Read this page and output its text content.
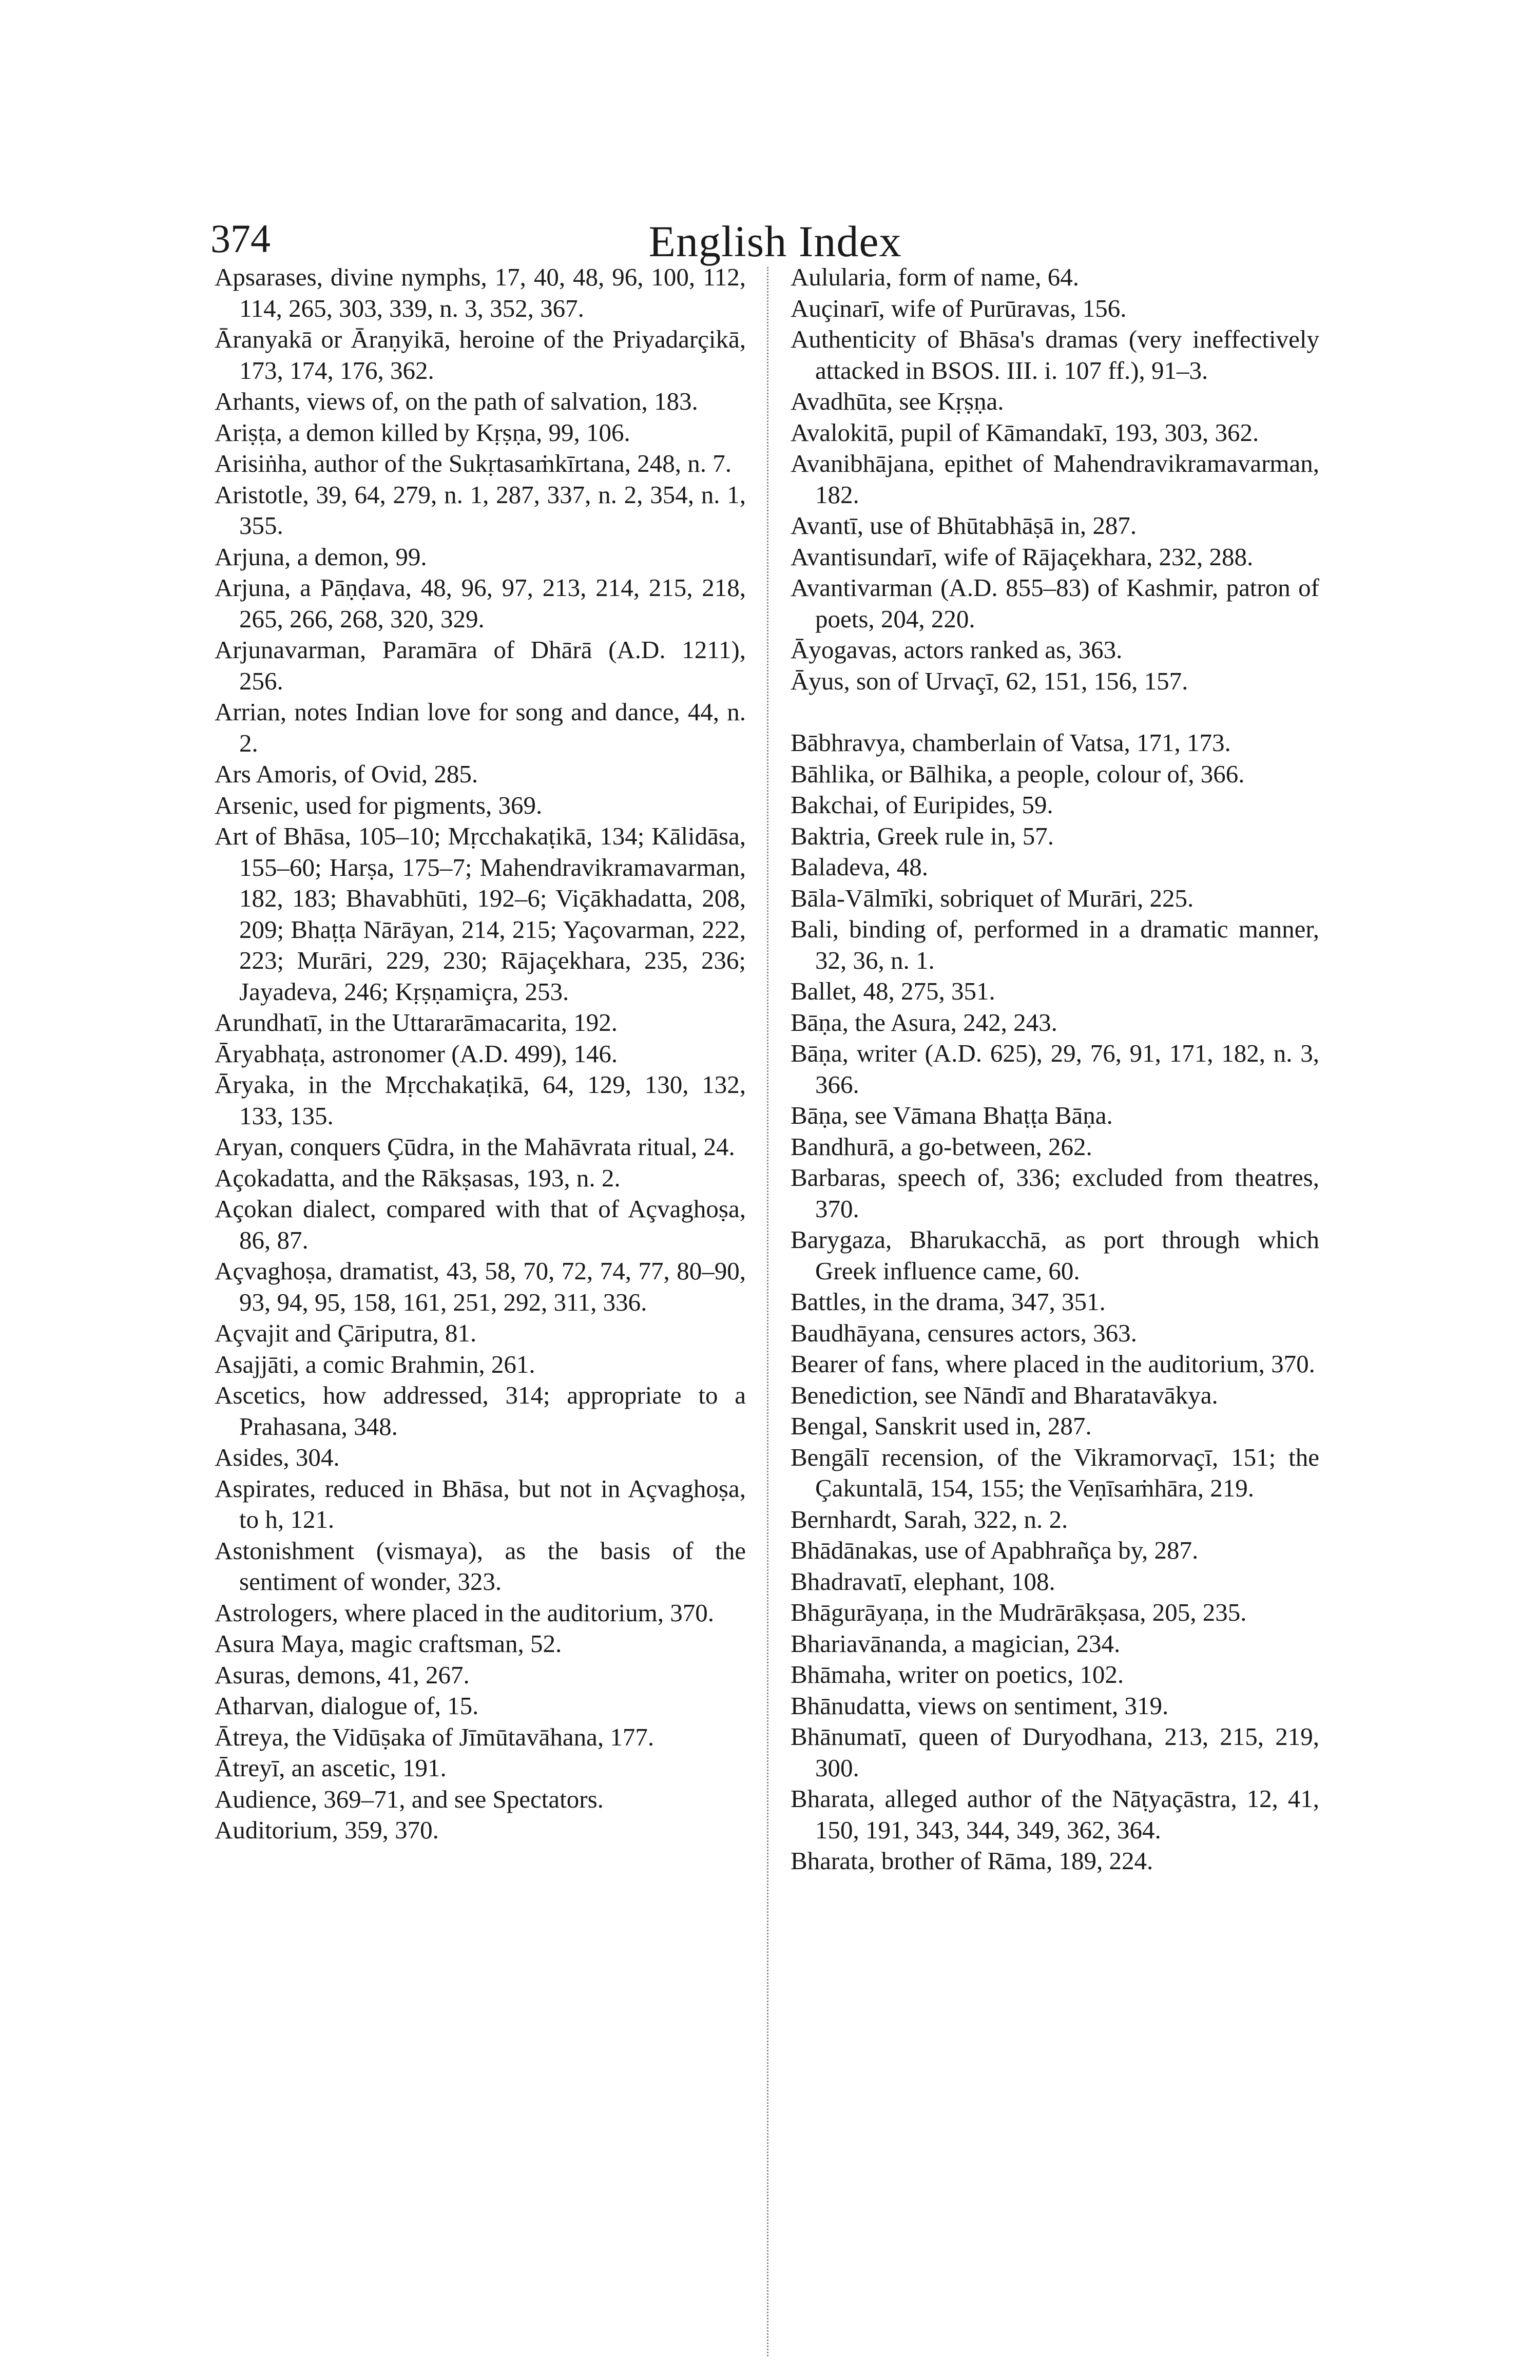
374	English Index
Apsarases, divine nymphs, 17, 40, 48, 96, 100, 112, 114, 265, 303, 339, n. 3, 352, 367.
Āranyakā or Āraṇyikā, heroine of the Priyadarçikā, 173, 174, 176, 362.
Arhants, views of, on the path of salvation, 183.
Ariṣṭa, a demon killed by Kṛṣṇa, 99, 106.
Arisiṅha, author of the Sukṛtasaṁkīrtana, 248, n. 7.
Aristotle, 39, 64, 279, n. 1, 287, 337, n. 2, 354, n. 1, 355.
Arjuna, a demon, 99.
Arjuna, a Pāṇḍava, 48, 96, 97, 213, 214, 215, 218, 265, 266, 268, 320, 329.
Arjunavarman, Paramāra of Dhārā (A.D. 1211), 256.
Arrian, notes Indian love for song and dance, 44, n. 2.
Ars Amoris, of Ovid, 285.
Arsenic, used for pigments, 369.
Art of Bhāsa, 105–10; Mṛcchakaṭikā, 134; Kālidāsa, 155–60; Harṣa, 175–7; Mahendravikramavarman, 182, 183; Bhavabhūti, 192–6; Viçākhadatta, 208, 209; Bhaṭṭa Nārāyan, 214, 215; Yaçovarman, 222, 223; Murāri, 229, 230; Rājaçekhara, 235, 236; Jayadeva, 246; Kṛṣṇamiçra, 253.
Arundhatī, in the Uttararāmacarita, 192.
Āryabhaṭa, astronomer (A.D. 499), 146.
Āryaka, in the Mṛcchakaṭikā, 64, 129, 130, 132, 133, 135.
Aryan, conquers Çūdra, in the Mahāvrata ritual, 24.
Açokadatta, and the Rākṣasas, 193, n. 2.
Açokan dialect, compared with that of Açvaghoṣa, 86, 87.
Açvaghoṣa, dramatist, 43, 58, 70, 72, 74, 77, 80–90, 93, 94, 95, 158, 161, 251, 292, 311, 336.
Açvajit and Çāriputra, 81.
Asajjāti, a comic Brahmin, 261.
Ascetics, how addressed, 314; appropriate to a Prahasana, 348.
Asides, 304.
Aspirates, reduced in Bhāsa, but not in Açvaghoṣa, to h, 121.
Astonishment (vismaya), as the basis of the sentiment of wonder, 323.
Astrologers, where placed in the auditorium, 370.
Asura Maya, magic craftsman, 52.
Asuras, demons, 41, 267.
Atharvan, dialogue of, 15.
Ātreya, the Vidūṣaka of Jīmūtavāhana, 177.
Ātreyī, an ascetic, 191.
Audience, 369–71, and see Spectators.
Auditorium, 359, 370.
Aulularia, form of name, 64.
Auçinarī, wife of Purūravas, 156.
Authenticity of Bhāsa's dramas (very ineffectively attacked in BSOS. III. i. 107 ff.), 91–3.
Avadhūta, see Kṛṣṇa.
Avalokitā, pupil of Kāmandakī, 193, 303, 362.
Avanibhājana, epithet of Mahendravikramavarman, 182.
Avantī, use of Bhūtabhāṣā in, 287.
Avantisundarī, wife of Rājaçekhara, 232, 288.
Avantivarman (A.D. 855–83) of Kashmir, patron of poets, 204, 220.
Āyogavas, actors ranked as, 363.
Āyus, son of Urvaçī, 62, 151, 156, 157.
Bābhravya, chamberlain of Vatsa, 171, 173.
Bāhlika, or Bālhika, a people, colour of, 366.
Bakchai, of Euripides, 59.
Baktria, Greek rule in, 57.
Baladeva, 48.
Bāla-Vālmīki, sobriquet of Murāri, 225.
Bali, binding of, performed in a dramatic manner, 32, 36, n. 1.
Ballet, 48, 275, 351.
Bāṇa, the Asura, 242, 243.
Bāṇa, writer (A.D. 625), 29, 76, 91, 171, 182, n. 3, 366.
Bāṇa, see Vāmana Bhaṭṭa Bāṇa.
Bandhurā, a go-between, 262.
Barbaras, speech of, 336; excluded from theatres, 370.
Barygaza, Bharukacchā, as port through which Greek influence came, 60.
Battles, in the drama, 347, 351.
Baudhāyana, censures actors, 363.
Bearer of fans, where placed in the auditorium, 370.
Benediction, see Nāndī and Bharatavākya.
Bengal, Sanskrit used in, 287.
Bengālī recension, of the Vikramorvaçī, 151; the Çakuntalā, 154, 155; the Veṇīsaṁhāra, 219.
Bernhardt, Sarah, 322, n. 2.
Bhādānakas, use of Apabhrañça by, 287.
Bhadravatī, elephant, 108.
Bhāgurāyaṇa, in the Mudrārākṣasa, 205, 235.
Bhariavānanda, a magician, 234.
Bhāmaha, writer on poetics, 102.
Bhānudatta, views on sentiment, 319.
Bhānumatī, queen of Duryodhana, 213, 215, 219, 300.
Bharata, alleged author of the Nāṭyaçāstra, 12, 41, 150, 191, 343, 344, 349, 362, 364.
Bharata, brother of Rāma, 189, 224.
